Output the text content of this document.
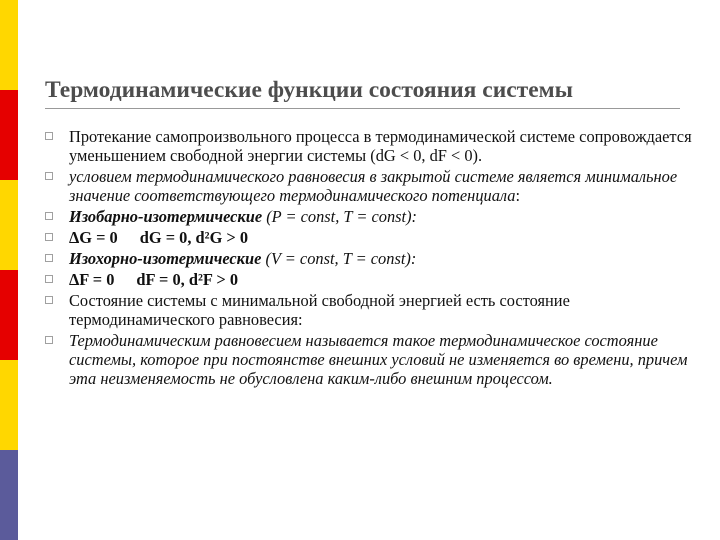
Термодинамические функции состояния системы
Протекание самопроизвольного процесса в термодинамической системе сопровождается уменьшением свободной энергии системы (dG < 0, dF < 0).
условием термодинамического равновесия в закрытой системе является минимальное значение соответствующего термодинамического потенциала:
Изобарно-изотермические (P = const, T = const):
ΔG = 0 dG = 0, d²G > 0
Изохорно-изотермические (V = const, T = const):
ΔF = 0 dF = 0, d²F > 0
Состояние системы с минимальной свободной энергией есть состояние термодинамического равновесия:
Термодинамическим равновесием называется такое термодинамическое состояние системы, которое при постоянстве внешних условий не изменяется во времени, причем эта неизменяемость не обусловлена каким-либо внешним процессом.
